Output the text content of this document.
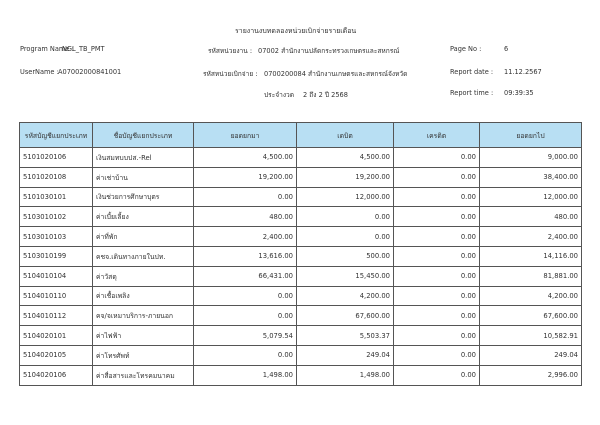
รายงานงบทดลองหน่วยเบิกจ่ายรายเดือน
Program Name :
NGL_TB_PMT
UserName : A07002000841001
รหัสหน่วยงาน : 07002 สำนักงานปลัดกระทรวงเกษตรและสหกรณ์
รหัสหน่วยเบิกจ่าย : 0700200084 สำนักงานเกษตรและสหกรณ์จังหวัด
ประจำงวด 2 ถึง 2 ปี 2568
Page No :	6
Report date : 11.12.2567
Report time : 09:39:35
รหัสบัญชีแยกประเภท	ชื่อบัญชีแยกประเภท	ยอดยกมา	เดบิต	เครดิต	ยอดยกไป
5101020106	เงินสมทบบปส.-Rel	4,500.00	4,500.00	0.00	9,000.00
5101020108	ค่าเช่าบ้าน	19,200.00	19,200.00	0.00	38,400.00
5101030101	เงินช่วยการศึกษาบุตร	0.00	12,000.00	0.00	12,000.00
5103010102	ค่าเบี้ยเลี้ยง	480.00	0.00	0.00	480.00
5103010103	ค่าที่พัก	2,400.00	0.00	0.00	2,400.00
5103010199	คชจ.เดินทางภายในปท.	13,616.00	500.00	0.00	14,116.00
5104010104	ค่าวัสดุ	66,431.00	15,450.00	0.00	81,881.00
5104010110	ค่าเชื้อเพลิง	0.00	4,200.00	0.00	4,200.00
5104010112	คจ/จเหมาบริการ-ภายนอก	0.00	67,600.00	0.00	67,600.00
5104020101	ค่าไฟฟ้า	5,079.54	5,503.37	0.00	10,582.91
5104020105	ค่าโทรศัพท์	0.00	249.04	0.00	249.04
5104020106	ค่าสื่อสารและโทรคมนาคม	1,498.00	1,498.00	0.00	2,996.00
